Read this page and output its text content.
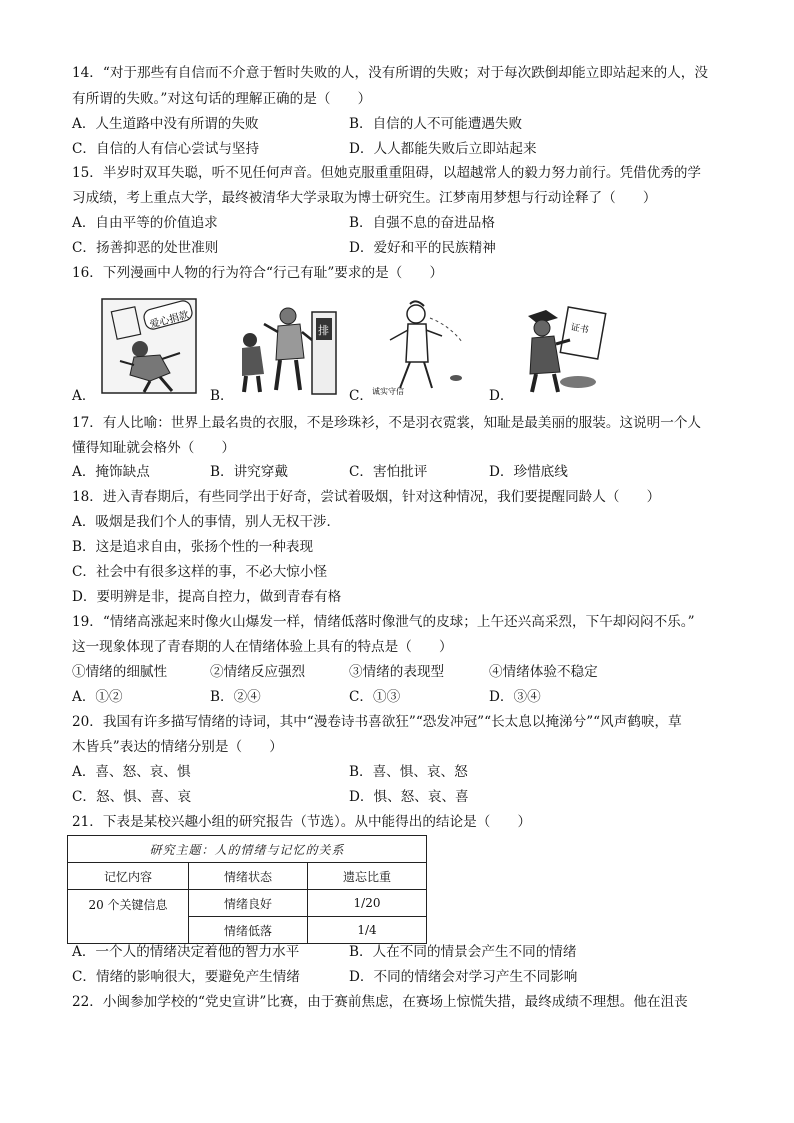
14．“对于那些有自信而不介意于暂时失败的人，没有所谓的失败；对于每次跌倒却能立即站起来的人，没
有所谓的失败。”对这句话的理解正确的是（　　）
A．人生道路中没有所谓的失败	B．自信的人不可能遭遇失败
C．自信的人有信心尝试与坚持	D．人人都能失败后立即站起来
15．半岁时双耳失聪，听不见任何声音。但她克服重重阻碍，以超越常人的毅力努力前行。凭借优秀的学
习成绩，考上重点大学，最终被清华大学录取为博士研究生。江梦南用梦想与行动诠释了（　　）
A．自由平等的价值追求	B．自强不息的奋进品格
C．扬善抑恶的处世准则	D．爱好和平的民族精神
16．下列漫画中人物的行为符合“行己有耻”要求的是（　　）
A．
爱心捐款
B．
排
C． 诚实守信	D．
证书
17．有人比喻：世界上最名贵的衣服，不是珍珠衫，不是羽衣霓裳，知耻是最美丽的服装。这说明一个人
懂得知耻就会格外（　　）
A．掩饰缺点	B．讲究穿戴	C．害怕批评	D．珍惜底线
18．进入青春期后，有些同学出于好奇，尝试着吸烟，针对这种情况，我们要提醒同龄人（　　）
A．吸烟是我们个人的事情，别人无权干涉．
B．这是追求自由，张扬个性的一种表现
C．社会中有很多这样的事，不必大惊小怪
D．要明辨是非，提高自控力，做到青春有格
19．“情绪高涨起来时像火山爆发一样，情绪低落时像泄气的皮球；上午还兴高采烈，下午却闷闷不乐。”
这一现象体现了青春期的人在情绪体验上具有的特点是（　　）
①情绪的细腻性	②情绪反应强烈	③情绪的表现型	④情绪体验不稳定
A．①②	B．②④	C．①③	D．③④
20．我国有许多描写情绪的诗词，其中“漫卷诗书喜欲狂”“恐发冲冠”“长太息以掩涕兮”“风声鹤唳，草
木皆兵”表达的情绪分别是（　　）
A．喜、怒、哀、惧	B．喜、惧、哀、怒
C．怒、惧、喜、哀	D．惧、怒、哀、喜
21．下表是某校兴趣小组的研究报告（节选）。从中能得出的结论是（　　）
研究主题：人的情绪与记忆的关系		
记忆内容	情绪状态	遗忘比重
20 个关键信息	情绪良好	1/20
	情绪低落	1/4
A．一个人的情绪决定着他的智力水平	B．人在不同的情景会产生不同的情绪
C．情绪的影响很大，要避免产生情绪	D．不同的情绪会对学习产生不同影响
22．小闽参加学校的“党史宣讲”比赛，由于赛前焦虑，在赛场上惊慌失措，最终成绩不理想。他在沮丧
